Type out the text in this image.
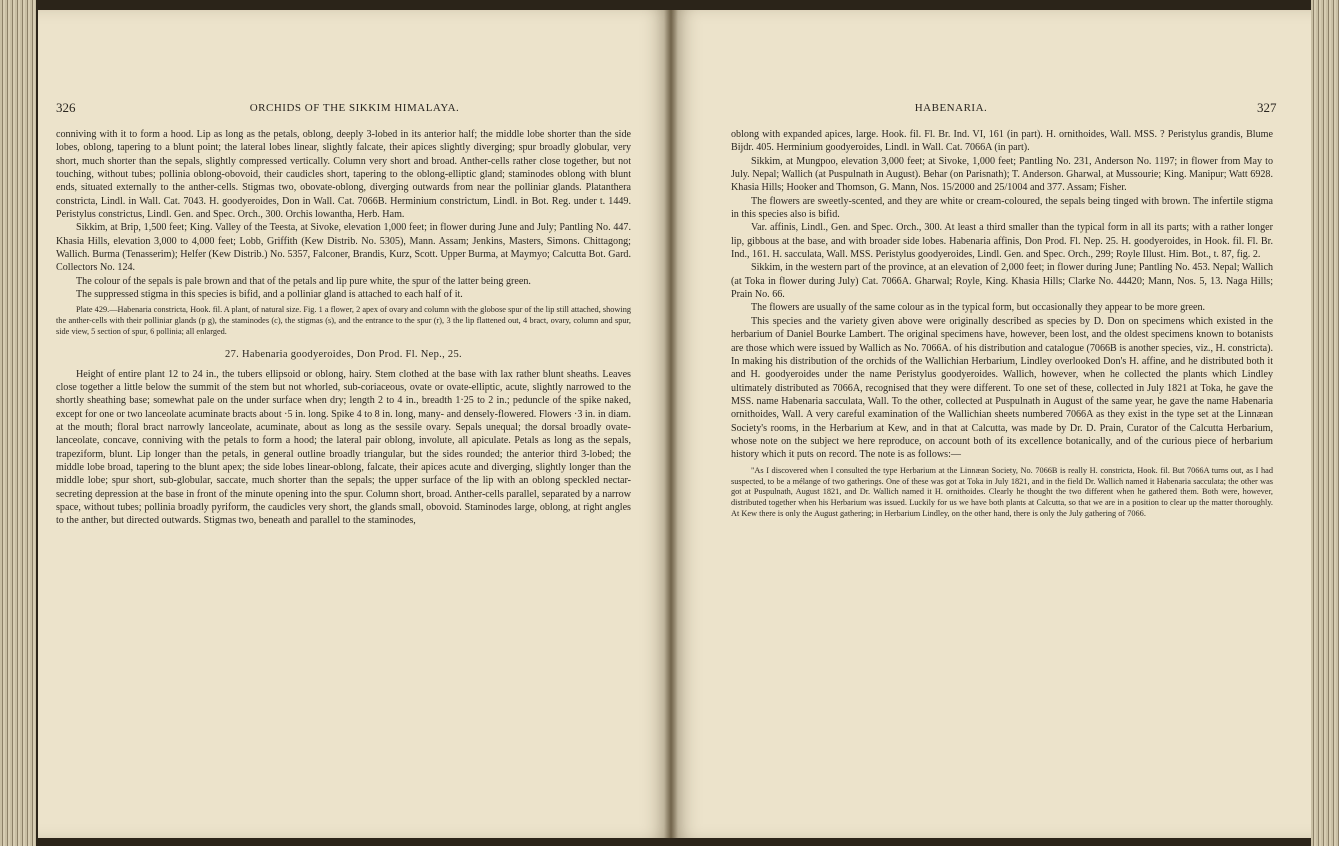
326	ORCHIDS OF THE SIKKIM HIMALAYA.

conniving with it to form a hood. Lip as long as the petals, oblong, deeply 3-lobed in its anterior half; the middle lobe shorter than the side lobes, oblong, tapering to a blunt point; the lateral lobes linear, slightly falcate, their apices slightly diverging; spur broadly globular, very short, much shorter than the sepals, slightly compressed vertically. Column very short and broad. Anther-cells rather close together, but not touching, without tubes; pollinia oblong-obovoid, their caudicles short, tapering to the oblong-elliptic gland; staminodes oblong with blunt ends, situated externally to the anther-cells. Stigmas two, obovate-oblong, diverging outwards from near the polliniar glands. Platanthera constricta, Lindl. in Wall. Cat. 7043. H. goodyeroides, Don in Wall. Cat. 7066B. Herminium constrictum, Lindl. in Bot. Reg. under t. 1449. Peristylus constrictus, Lindl. Gen. and Spec. Orch., 300. Orchis lowantha, Herb. Ham.

Sikkim, at Brip, 1,500 feet; King. Valley of the Teesta, at Sivoke, elevation 1,000 feet; in flower during June and July; Pantling No. 447. Khasia Hills, elevation 3,000 to 4,000 feet; Lobb, Griffith (Kew Distrib. No. 5305), Mann. Assam; Jenkins, Masters, Simons. Chittagong; Wallich. Burma (Tenasserim); Helfer (Kew Distrib.) No. 5357, Falconer, Brandis, Kurz, Scott. Upper Burma, at Maymyo; Calcutta Bot. Gard. Collectors No. 124.

The colour of the sepals is pale brown and that of the petals and lip pure white, the spur of the latter being green.

The suppressed stigma in this species is bifid, and a polliniar gland is attached to each half of it.

Plate 429.—Habenaria constricta, Hook. fil. A plant, of natural size. Fig. 1 a flower, 2 apex of ovary and column with the globose spur of the lip still attached, showing the anther-cells with their polliniar glands (p g), the staminodes (c), the stigmas (s), and the entrance to the spur (r), 3 the lip flattened out, 4 bract, ovary, column and spur, side view, 5 section of spur, 6 pollinia; all enlarged.

27. Habenaria goodyeroides, Don Prod. Fl. Nep., 25.

Height of entire plant 12 to 24 in., the tubers ellipsoid or oblong, hairy. Stem clothed at the base with lax rather blunt sheaths. Leaves close together a little below the summit of the stem but not whorled, sub-coriaceous, ovate or ovate-elliptic, acute, slightly narrowed to the shortly sheathing base; somewhat pale on the under surface when dry; length 2 to 4 in., breadth 1·25 to 2 in.; peduncle of the spike naked, except for one or two lanceolate acuminate bracts about ·5 in. long. Spike 4 to 8 in. long, many- and densely-flowered. Flowers ·3 in. in diam. at the mouth; floral bract narrowly lanceolate, acuminate, about as long as the sessile ovary. Sepals unequal; the dorsal broadly ovate-lanceolate, concave, conniving with the petals to form a hood; the lateral pair oblong, involute, all apiculate. Petals as long as the sepals, trapeziform, blunt. Lip longer than the petals, in general outline broadly triangular, but the sides rounded; the anterior third 3-lobed; the middle lobe broad, tapering to the blunt apex; the side lobes linear-oblong, falcate, their apices acute and diverging, slightly longer than the middle lobe; spur short, sub-globular, saccate, much shorter than the sepals; the upper surface of the lip with an oblong speckled nectar-secreting depression at the base in front of the minute opening into the spur. Column short, broad. Anther-cells parallel, separated by a narrow space, without tubes; pollinia broadly pyriform, the caudicles very short, the glands small, obovoid. Staminodes large, oblong, at right angles to the anther, but directed outwards. Stigmas two, beneath and parallel to the staminodes,

HABENARIA.	327

oblong with expanded apices, large. Hook. fil. Fl. Br. Ind. VI, 161 (in part). H. ornithoides, Wall. MSS. ? Peristylus grandis, Blume Bijdr. 405. Herminium goodyeroides, Lindl. in Wall. Cat. 7066A (in part).

Sikkim, at Mungpoo, elevation 3,000 feet; at Sivoke, 1,000 feet; Pantling No. 231, Anderson No. 1197; in flower from May to July. Nepal; Wallich (at Puspulnath in August). Behar (on Parisnath); T. Anderson. Gharwal, at Mussourie; King. Manipur; Watt 6928. Khasia Hills; Hooker and Thomson, G. Mann, Nos. 15/2000 and 25/1004 and 377. Assam; Fisher.

The flowers are sweetly-scented, and they are white or cream-coloured, the sepals being tinged with brown. The infertile stigma in this species also is bifid.

Var. affinis, Lindl., Gen. and Spec. Orch., 300. At least a third smaller than the typical form in all its parts; with a rather longer lip, gibbous at the base, and with broader side lobes. Habenaria affinis, Don Prod. Fl. Nep. 25. H. goodyeroides, in Hook. fil. Fl. Br. Ind., 161. H. sacculata, Wall. MSS. Peristylus goodyeroides, Lindl. Gen. and Spec. Orch., 299; Royle Illust. Him. Bot., t. 87, fig. 2.

Sikkim, in the western part of the province, at an elevation of 2,000 feet; in flower during June; Pantling No. 453. Nepal; Wallich (at Toka in flower during July) Cat. 7066A. Gharwal; Royle, King. Khasia Hills; Clarke No. 44420; Mann, Nos. 5, 13. Naga Hills; Prain No. 66.

The flowers are usually of the same colour as in the typical form, but occasionally they appear to be more green.

This species and the variety given above were originally described as species by D. Don on specimens which existed in the herbarium of Daniel Bourke Lambert. The original specimens have, however, been lost, and the oldest specimens known to botanists are those which were issued by Wallich as No. 7066A. of his distribution and catalogue (7066B is another species, viz., H. constricta). In making his distribution of the orchids of the Wallichian Herbarium, Lindley overlooked Don's H. affine, and he distributed both it and H. goodyeroides under the name Peristylus goodyeroides. Wallich, however, when he collected the plants which Lindley ultimately distributed as 7066A, recognised that they were different. To one set of these, collected in July 1821 at Toka, he gave the MSS. name Habenaria sacculata, Wall. To the other, collected at Puspulnath in August of the same year, he gave the name Habenaria ornithoides, Wall. A very careful examination of the Wallichian sheets numbered 7066A as they exist in the type set at the Linnæan Society's rooms, in the Herbarium at Kew, and in that at Calcutta, was made by Dr. D. Prain, Curator of the Calcutta Herbarium, whose note on the subject we here reproduce, on account both of its excellence botanically, and of the curious piece of herbarium history which it puts on record. The note is as follows:—

"As I discovered when I consulted the type Herbarium at the Linnæan Society, No. 7066B is really H. constricta, Hook. fil. But 7066A turns out, as I had suspected, to be a mélange of two gatherings. One of these was got at Toka in July 1821, and in the field Dr. Wallich named it Habenaria sacculata; the other was got at Puspulnath, August 1821, and Dr. Wallich named it H. ornithoides. Clearly he thought the two different when he gathered them. Both were, however, distributed together when his Herbarium was issued. Luckily for us we have both plants at Calcutta, so that we are in a position to clear up the matter thoroughly. At Kew there is only the August gathering; in Herbarium Lindley, on the other hand, there is only the July gathering of 7066.
